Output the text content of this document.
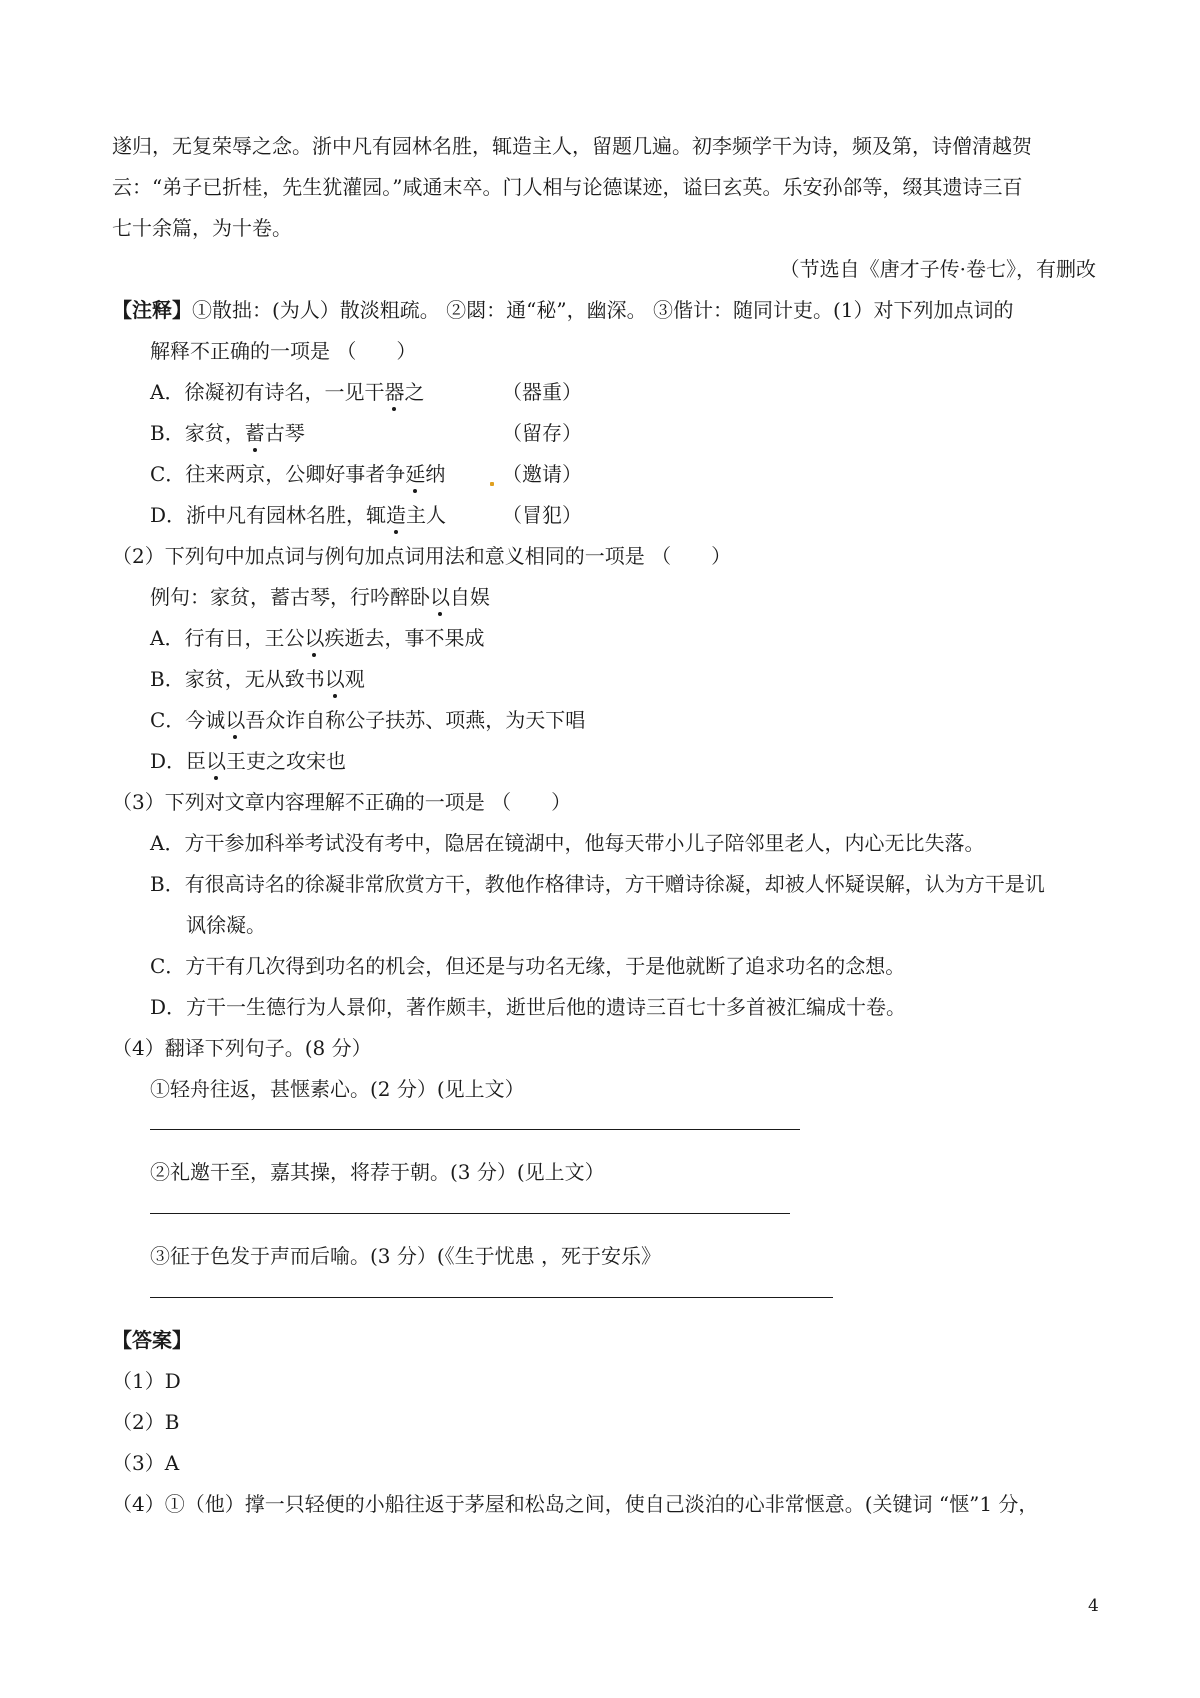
遂归，无复荣辱之念。浙中凡有园林名胜，辄造主人，留题几遍。初李频学干为诗，频及第，诗僧清越贺
云：“弟子已折桂，先生犹灌园。”咸通末卒。门人相与论德谋迹，谥曰玄英。乐安孙郃等，缀其遗诗三百
七十余篇，为十卷。
（节选自《唐才子传·卷七》，有删改
【注释】①散拙：(为人）散淡粗疏。 ②閟：通“秘”，幽深。 ③偕计：随同计吏。(1）对下列加点词的
解释不正确的一项是 （　　）
A．徐凝初有诗名，一见干器之	（器重）
B．家贫，蓄古琴	（留存）
C．往来两京，公卿好事者争延纳	（邀请）
D．浙中凡有园林名胜，辄造主人	（冒犯）
（2）下列句中加点词与例句加点词用法和意义相同的一项是 （　　）
例句：家贫，蓄古琴，行吟醉卧以自娱
A．行有日，王公以疾逝去，事不果成
B．家贫，无从致书以观
C．今诚以吾众诈自称公子扶苏、项燕，为天下唱
D．臣以王吏之攻宋也
（3）下列对文章内容理解不正确的一项是 （　　）
A．方干参加科举考试没有考中，隐居在镜湖中，他每天带小儿子陪邻里老人，内心无比失落。
B．有很高诗名的徐凝非常欣赏方干，教他作格律诗，方干赠诗徐凝，却被人怀疑误解，认为方干是讥
讽徐凝。
C．方干有几次得到功名的机会，但还是与功名无缘，于是他就断了追求功名的念想。
D．方干一生德行为人景仰，著作颇丰，逝世后他的遗诗三百七十多首被汇编成十卷。
（4）翻译下列句子。(8 分）
①轻舟往返，甚惬素心。(2 分）(见上文）
②礼邀干至，嘉其操，将荐于朝。(3 分）(见上文）
③征于色发于声而后喻。(3 分）(《生于忧患 ，死于安乐》
【答案】
（1）D
（2）B
（3）A
（4）①（他）撑一只轻便的小船往返于茅屋和松岛之间，使自己淡泊的心非常惬意。(关键词 “惬”1 分，
4
